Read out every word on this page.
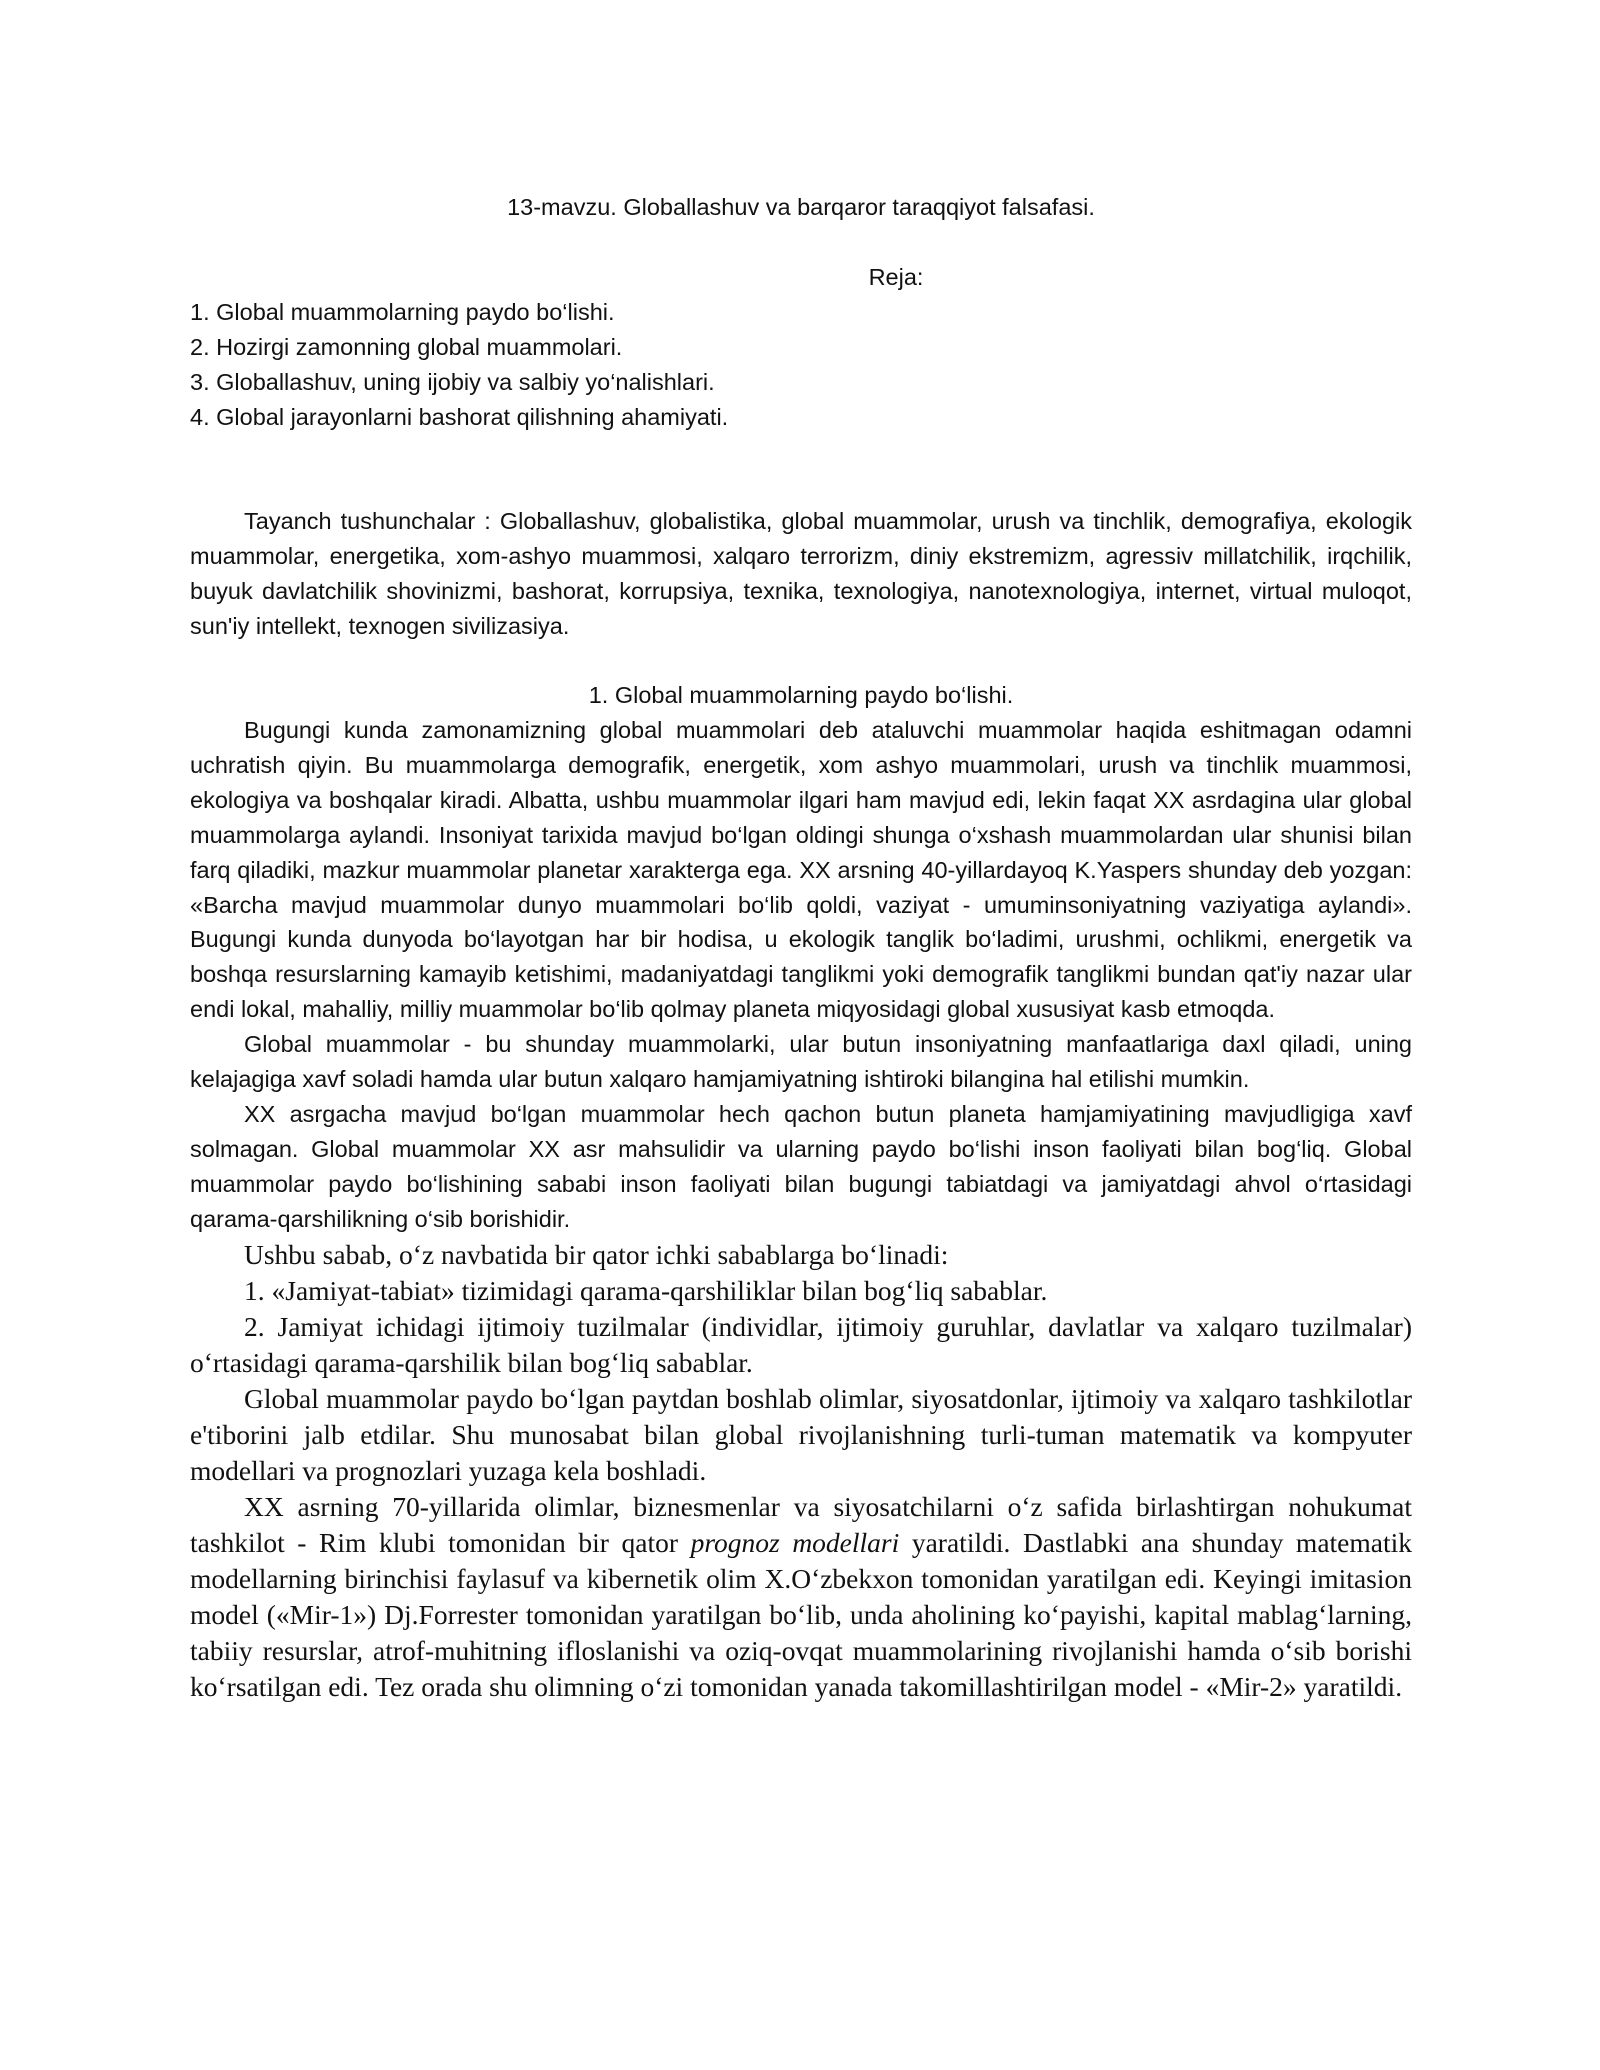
13-mavzu. Globallashuv va barqaror taraqqiyot falsafasi.

Reja:

1. Global muammolarning paydo bo‘lishi.

2. Hozirgi zamonning global muammolari.

3. Globallashuv, uning ijobiy va salbiy yo‘nalishlari.

4. Global jarayonlarni bashorat qilishning ahamiyati.

Tayanch tushunchalar : Globallashuv, globalistika, global muammolar, urush va tinchlik, demografiya, ekologik muammolar, energetika, xom-ashyo muammosi, xalqaro terrorizm, diniy ekstremizm, agressiv millatchilik, irqchilik, buyuk davlatchilik shovinizmi, bashorat, korrupsiya, texnika, texnologiya, nanotexnologiya, internet, virtual muloqot, sun'iy intellekt, texnogen sivilizasiya.

1. Global muammolarning paydo bo‘lishi.

Bugungi kunda zamonamizning global muammolari deb ataluvchi muammolar haqida eshitmagan odamni uchratish qiyin. Bu muammolarga demografik, energetik, xom ashyo muammolari, urush va tinchlik muammosi, ekologiya va boshqalar kiradi. Albatta, ushbu muammolar ilgari ham mavjud edi, lekin faqat XX asrdagina ular global muammolarga aylandi. Insoniyat tarixida mavjud bo‘lgan oldingi shunga o‘xshash muammolardan ular shunisi bilan farq qiladiki, mazkur muammolar planetar xarakterga ega. XX arsning 40-yillardayoq K.Yaspers shunday deb yozgan: «Barcha mavjud muammolar dunyo muammolari bo‘lib qoldi, vaziyat - umuminsoniyatning vaziyatiga aylandi». Bugungi kunda dunyoda bo‘layotgan har bir hodisa, u ekologik tanglik bo‘ladimi, urushmi, ochlikmi, energetik va boshqa resurslarning kamayib ketishimi, madaniyatdagi tanglikmi yoki demografik tanglikmi bundan qat'iy nazar ular endi lokal, mahalliy, milliy muammolar bo‘lib qolmay planeta miqyosidagi global xususiyat kasb etmoqda.

Global muammolar - bu shunday muammolarki, ular butun insoniyatning manfaatlariga daxl qiladi, uning kelajagiga xavf soladi hamda ular butun xalqaro hamjamiyatning ishtiroki bilangina hal etilishi mumkin.

XX asrgacha mavjud bo‘lgan muammolar hech qachon butun planeta hamjamiyatining mavjudligiga xavf solmagan. Global muammolar XX asr mahsulidir va ularning paydo bo‘lishi inson faoliyati bilan bog‘liq. Global muammolar paydo bo‘lishining sababi inson faoliyati bilan bugungi tabiatdagi va jamiyatdagi ahvol o‘rtasidagi qarama-qarshilikning o‘sib borishidir.

Ushbu sabab, o‘z navbatida bir qator ichki sabablarga bo‘linadi:

1. «Jamiyat-tabiat» tizimidagi qarama-qarshiliklar bilan bog‘liq sabablar.

2. Jamiyat ichidagi ijtimoiy tuzilmalar (individlar, ijtimoiy guruhlar, davlatlar va xalqaro tuzilmalar) o‘rtasidagi qarama-qarshilik bilan bog‘liq sabablar.

Global muammolar paydo bo‘lgan paytdan boshlab olimlar, siyosatdonlar, ijtimoiy va xalqaro tashkilotlar e'tiborini jalb etdilar. Shu munosabat bilan global rivojlanishning turli-tuman matematik va kompyuter modellari va prognozlari yuzaga kela boshladi.

XX asrning 70-yillarida olimlar, biznesmenlar va siyosatchilarni o‘z safida birlashtirgan nohukumat tashkilot - Rim klubi tomonidan bir qator prognoz modellari yaratildi. Dastlabki ana shunday matematik modellarning birinchisi faylasuf va kibernetik olim X.O‘zbekxon tomonidan yaratilgan edi. Keyingi imitasion model («Mir-1») Dj.Forrester tomonidan yaratilgan bo‘lib, unda aholining ko‘payishi, kapital mablag‘larning, tabiiy resurslar, atrof-muhitning ifloslanishi va oziq-ovqat muammolarining rivojlanishi hamda o‘sib borishi ko‘rsatilgan edi. Tez orada shu olimning o‘zi tomonidan yanada takomillashtirilgan model - «Mir-2» yaratildi.
